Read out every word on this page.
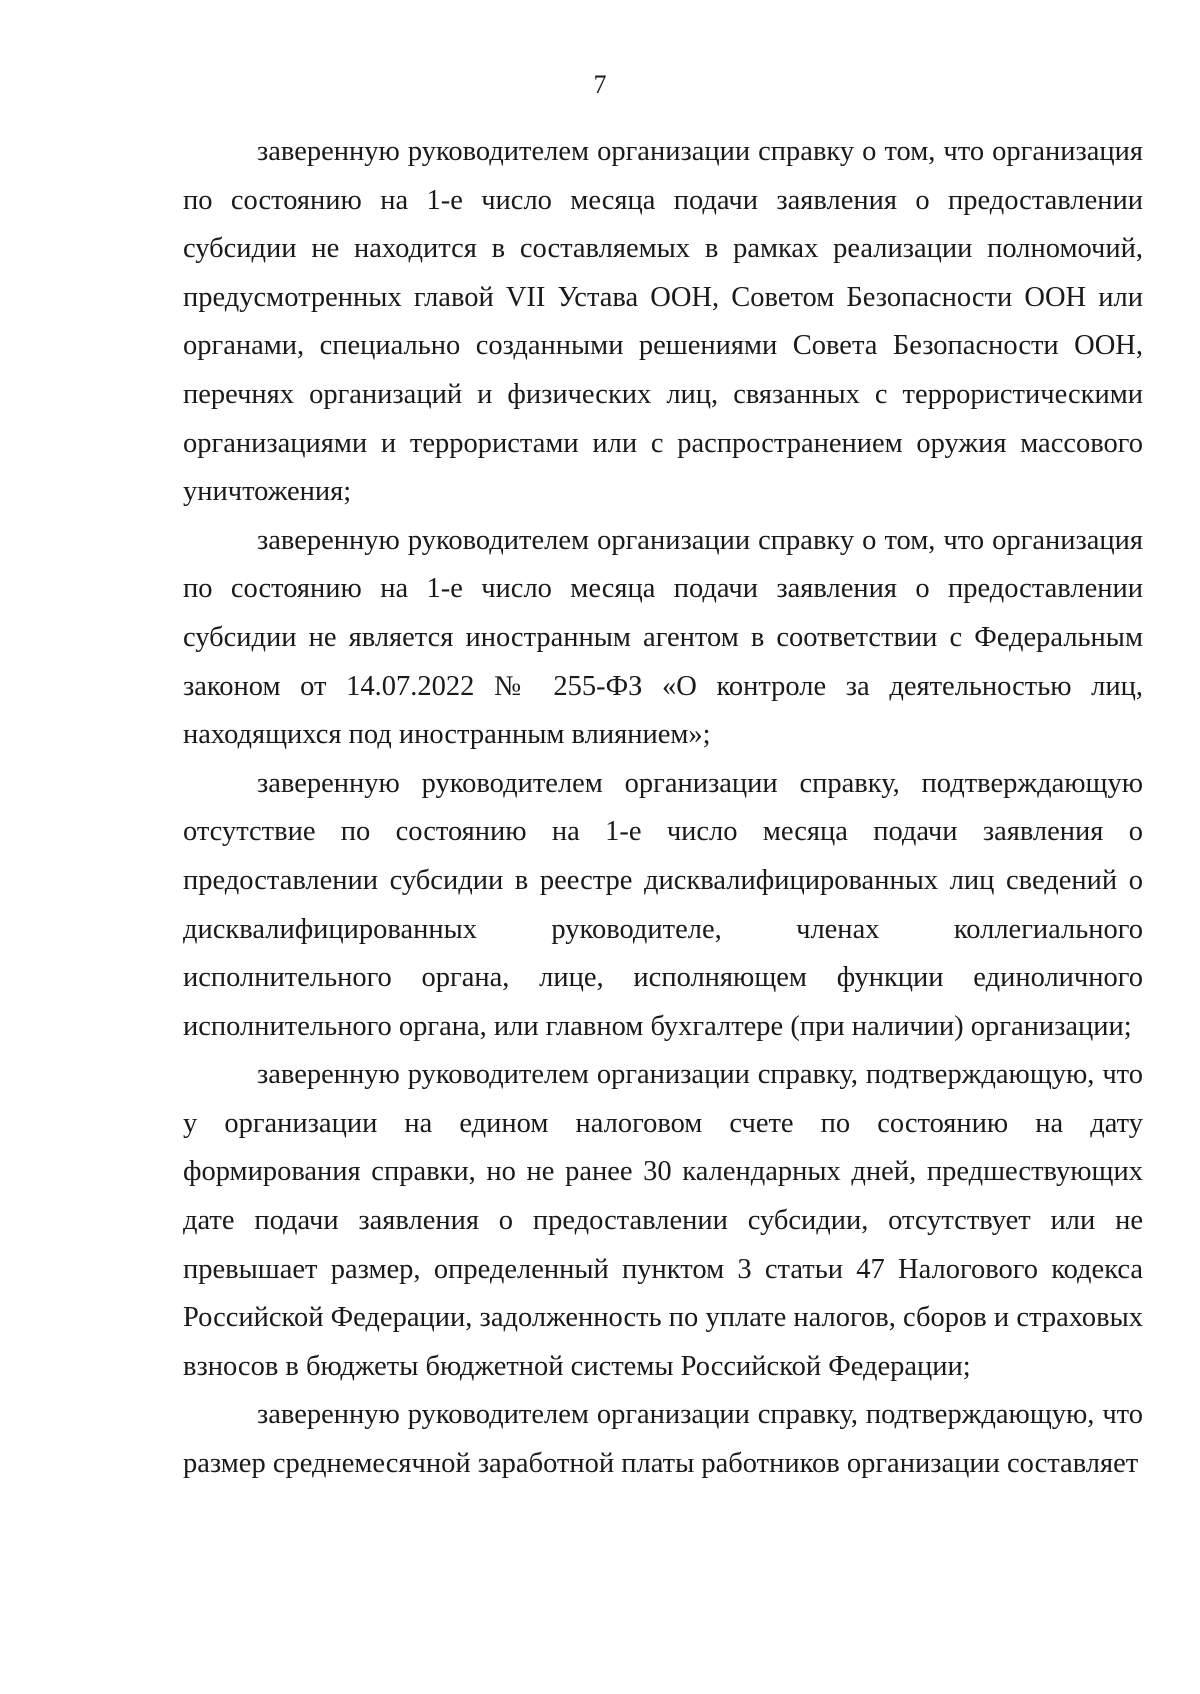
7

заверенную руководителем организации справку о том, что организация по состоянию на 1-е число месяца подачи заявления о предоставлении субсидии не находится в составляемых в рамках реализации полномочий, предусмотренных главой VII Устава ООН, Советом Безопасности ООН или органами, специально созданными решениями Совета Безопасности ООН, перечнях организаций и физических лиц, связанных с террористическими организациями и террористами или с распространением оружия массового уничтожения;

заверенную руководителем организации справку о том, что организация по состоянию на 1-е число месяца подачи заявления о предоставлении субсидии не является иностранным агентом в соответствии с Федеральным законом от 14.07.2022 № 255-ФЗ «О контроле за деятельностью лиц, находящихся под иностранным влиянием»;

заверенную руководителем организации справку, подтверждающую отсутствие по состоянию на 1-е число месяца подачи заявления о предоставлении субсидии в реестре дисквалифицированных лиц сведений о дисквалифицированных руководителе, членах коллегиального исполнительного органа, лице, исполняющем функции единоличного исполнительного органа, или главном бухгалтере (при наличии) организации;

заверенную руководителем организации справку, подтверждающую, что у организации на едином налоговом счете по состоянию на дату формирования справки, но не ранее 30 календарных дней, предшествующих дате подачи заявления о предоставлении субсидии, отсутствует или не превышает размер, определенный пунктом 3 статьи 47 Налогового кодекса Российской Федерации, задолженность по уплате налогов, сборов и страховых взносов в бюджеты бюджетной системы Российской Федерации;

заверенную руководителем организации справку, подтверждающую, что размер среднемесячной заработной платы работников организации составляет
